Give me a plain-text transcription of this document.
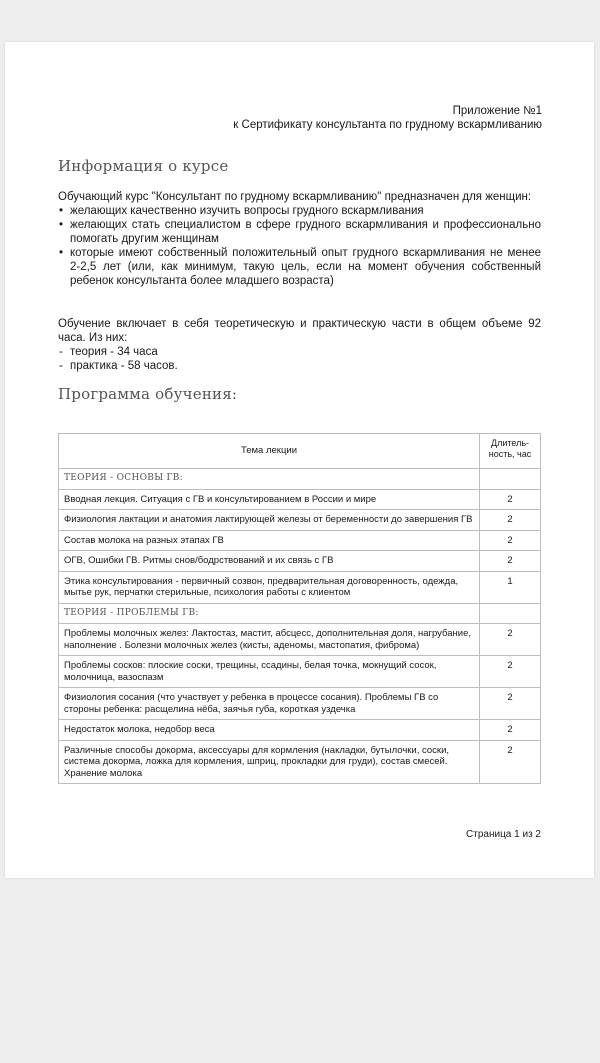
Приложение №1
к Сертификату консультанта по грудному вскармливанию
Информация о курсе

Обучающий курс "Консультант по грудному вскармливанию" предназначен для женщин:

• желающих качественно изучить вопросы грудного вскармливания
• желающих стать специалистом в сфере грудного вскармливания и профессионально помогать другим женщинам
• которые имеют собственный положительный опыт грудного вскармливания не менее 2-2,5 лет (или, как минимум, такую цель, если на момент обучения собственный ребенок консультанта более младшего возраста)

Обучение включает в себя теоретическую и практическую части в общем объеме 92 часа. Из них:

- теория - 34 часа
- практика - 58 часов.
Программа обучения:
Тема лекции	Длитель-ность, час
ТЕОРИЯ - ОСНОВЫ ГВ:	
Вводная лекция. Ситуация с ГВ и консультированием в России и мире	2
Физиология лактации и анатомия лактирующей железы от беременности до завершения ГВ	2
Состав молока на разных этапах ГВ	2
ОГВ, Ошибки ГВ. Ритмы снов/бодрствований и их связь с ГВ	2
Этика консультирования - первичный созвон, предварительная договоренность, одежда, мытье рук, перчатки стерильные, психология работы с клиентом	1
ТЕОРИЯ - ПРОБЛЕМЫ ГВ:	
Проблемы молочных желез: Лактостаз, мастит, абсцесс, дополнительная доля, нагрубание, наполнение . Болезни молочных желез (кисты, аденомы, мастопатия, фиброма)	2
Проблемы сосков: плоские соски, трещины, ссадины, белая точка, мокнущий сосок, молочница, вазоспазм	2
Физиология сосания (что участвует у ребенка в процессе сосания). Проблемы ГВ со стороны ребенка: расщелина нёба, заячья губа, короткая уздечка	2
Недостаток молока, недобор веса	2
Различные способы докорма, аксессуары для кормления (накладки, бутылочки, соски, система докорма, ложка для кормления, шприц, прокладки для груди), состав смесей. Хранение молока	2
Страница 1 из 2
